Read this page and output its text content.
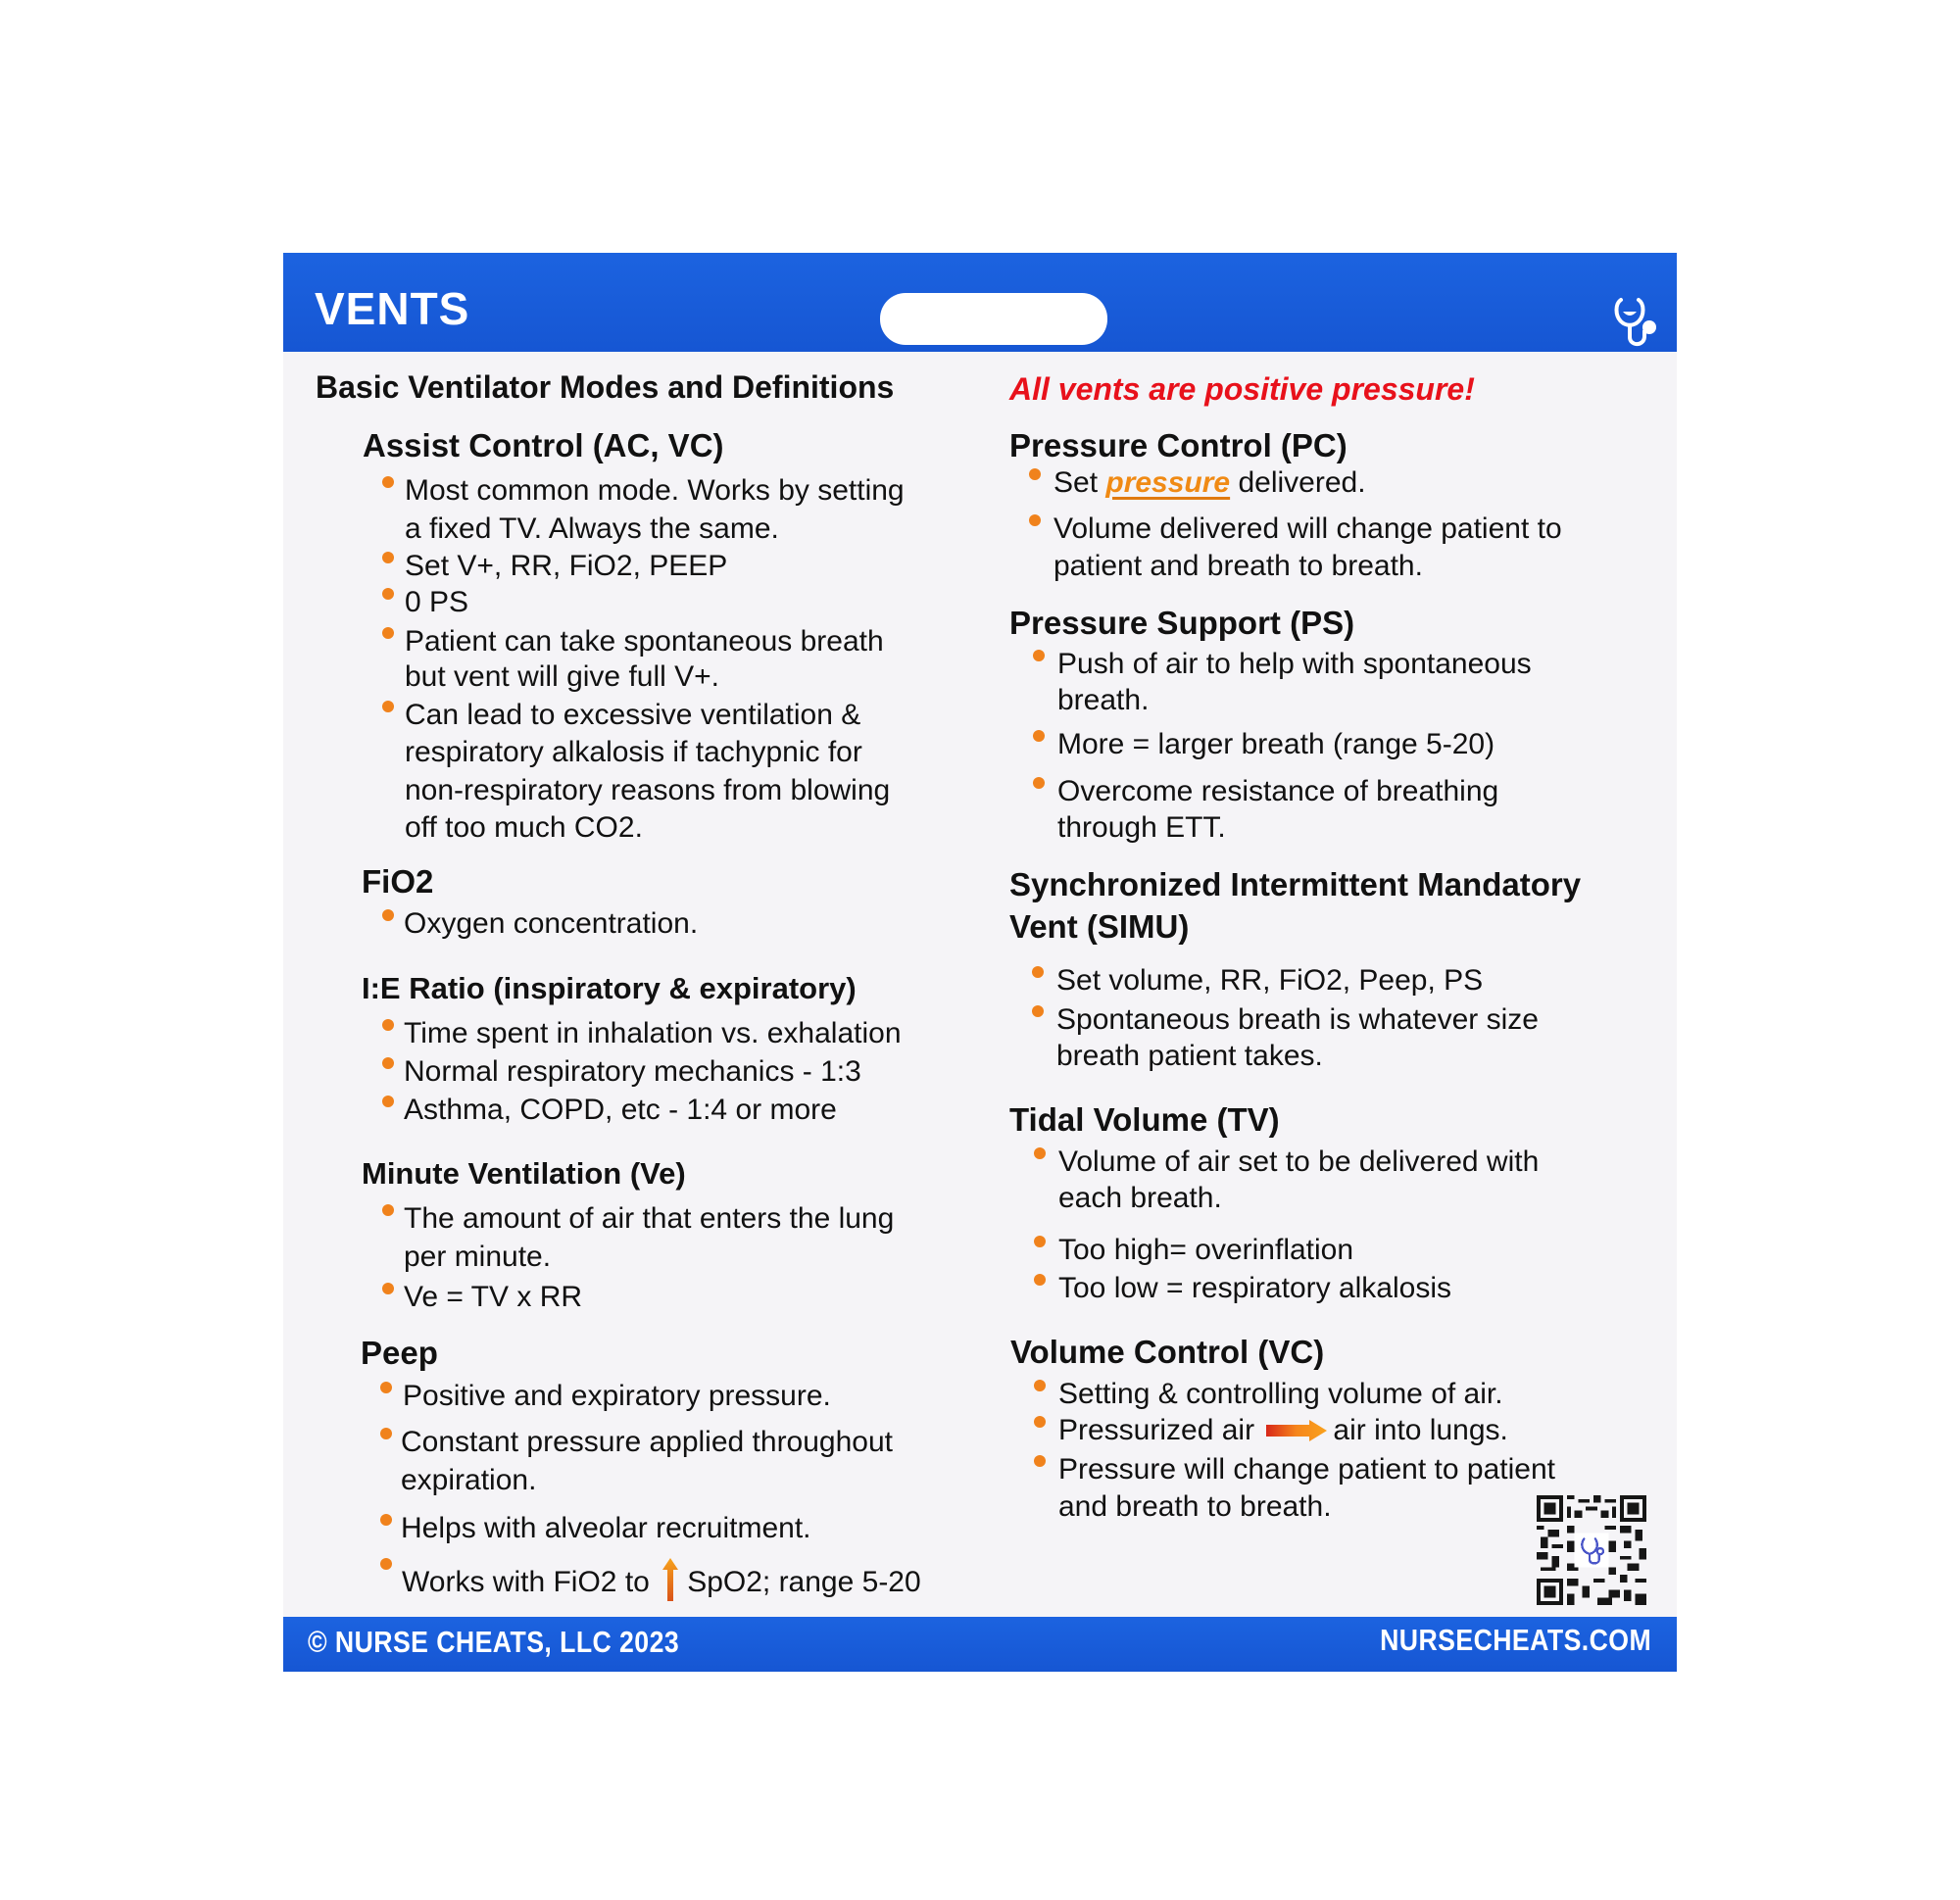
VENTS
Basic Ventilator Modes and Definitions	All vents are positive pressure!
Assist Control (AC, VC)
Most common mode. Works by setting
a fixed TV. Always the same.
Set V+, RR, FiO2, PEEP
0 PS
Patient can take spontaneous breath
but vent will give full V+.
Can lead to excessive ventilation &
respiratory alkalosis if tachypnic for
non-respiratory reasons from blowing
off too much CO2.
FiO2
Oxygen concentration.
I:E Ratio (inspiratory & expiratory)
Time spent in inhalation vs. exhalation
Normal respiratory mechanics - 1:3
Asthma, COPD, etc - 1:4 or more
Minute Ventilation (Ve)
The amount of air that enters the lung
per minute.
Ve = TV x RR
Peep
Positive and expiratory pressure.
Constant pressure applied throughout
expiration.
Helps with alveolar recruitment.
Works with FiO2 to SpO2; range 5-20
Pressure Control (PC)
Set pressure delivered.
Volume delivered will change patient to
patient and breath to breath.
Pressure Support (PS)
Push of air to help with spontaneous
breath.
More = larger breath (range 5-20)
Overcome resistance of breathing
through ETT.
Synchronized Intermittent Mandatory
Vent (SIMU)
Set volume, RR, FiO2, Peep, PS
Spontaneous breath is whatever size
breath patient takes.
Tidal Volume (TV)
Volume of air set to be delivered with
each breath.
Too high= overinflation
Too low = respiratory alkalosis
Volume Control (VC)
Setting & controlling volume of air.
Pressurized air	air into lungs.
Pressure will change patient to patient
and breath to breath.
© NURSE CHEATS, LLC 2023	NURSECHEATS.COM
